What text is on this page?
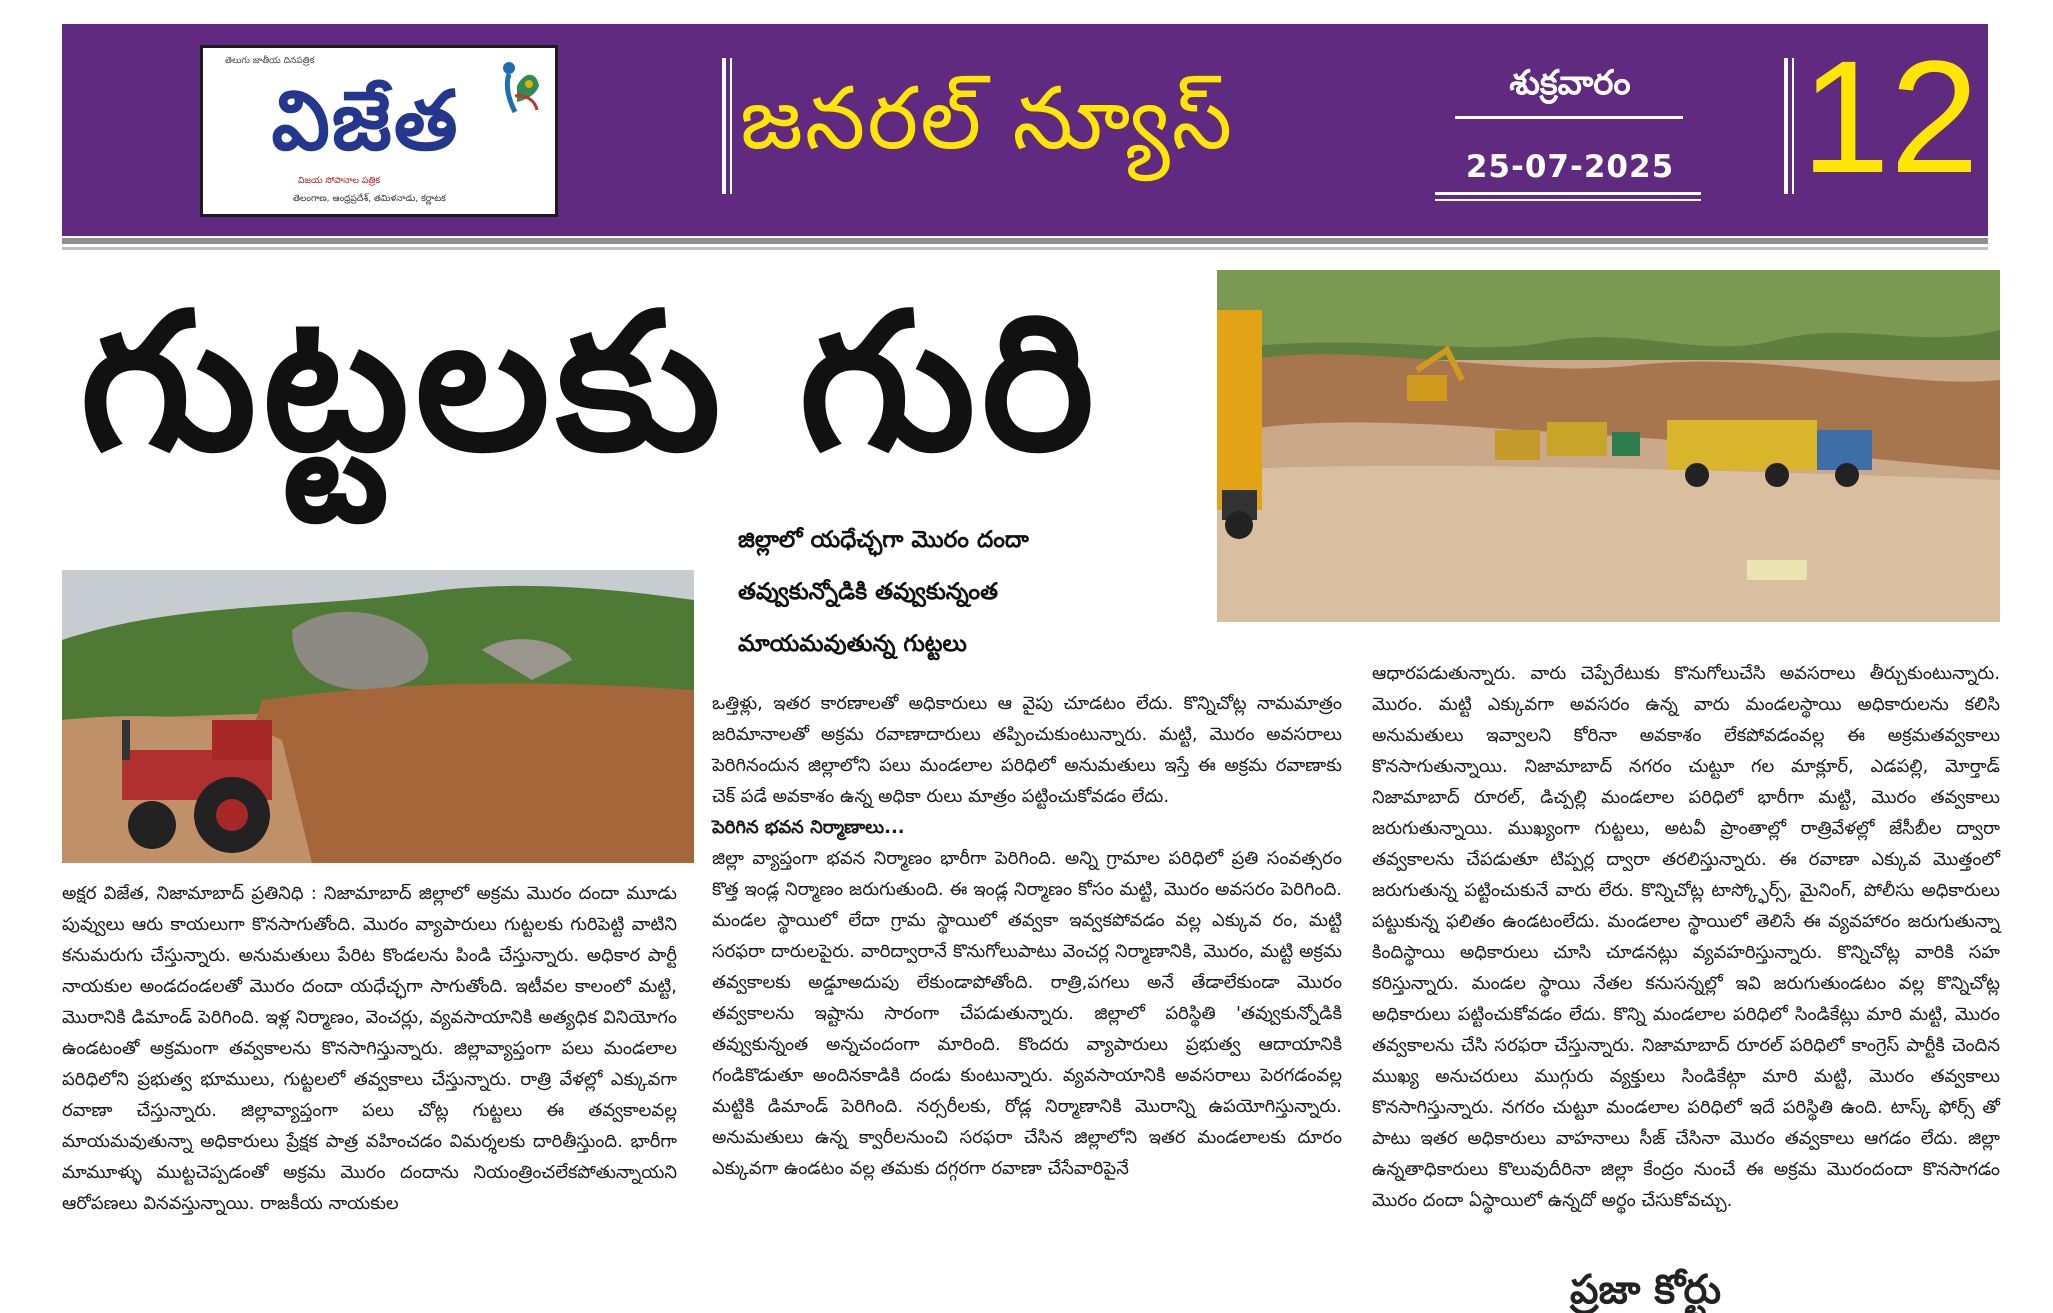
తెలుగు జాతీయ దినపత్రిక
విజేత
విజయ సోపానాల పత్రిక
తెలంగాణ, ఆంధ్రప్రదేశ్, తమిళనాడు, కర్ణాటక
జనరల్ న్యూస్	శుక్రవారం
25-07-2025 12
గుట్టలకు గురి
జిల్లాలో యధేచ్ఛగా మొరం దందా
తవ్వుకున్నోడికి తవ్వుకున్నంత
మాయమవుతున్న గుట్టలు

అక్షర విజేత, నిజామాబాద్ ప్రతినిధి : నిజామాబాద్ జిల్లాలో అక్రమ మొరం దందా మూడు పువ్వులు ఆరు కాయలుగా కొనసాగుతోంది. మొరం వ్యాపారులు గుట్టలకు గురిపెట్టి వాటిని కనుమరుగు చేస్తున్నారు. అనుమతులు పేరిట కొండలను పిండి చేస్తున్నారు. అధికార పార్టీ నాయకుల అండదండలతో మొరం దందా యధేచ్ఛగా సాగుతోంది. ఇటీవల కాలంలో మట్టి, మొరానికి డిమాండ్ పెరిగింది. ఇళ్ల నిర్మాణం, వెంచర్లు, వ్యవసాయానికి అత్యధిక వినియోగం ఉండటంతో అక్రమంగా తవ్వకాలను కొనసాగిస్తున్నారు. జిల్లావ్యాప్తంగా పలు మండలాల పరిధిలోని ప్రభుత్వ భూములు, గుట్టలలో తవ్వకాలు చేస్తున్నారు. రాత్రి వేళల్లో ఎక్కువగా రవాణా చేస్తున్నారు. జిల్లావ్యాప్తంగా పలు చోట్ల గుట్టలు ఈ తవ్వకాలవల్ల మాయమవుతున్నా అధికారులు ప్రేక్షక పాత్ర వహించడం విమర్శలకు దారితీస్తుంది. భారీగా మామూళ్ళు ముట్టచెప్పడంతో అక్రమ మొరం దందాను నియంత్రించలేకపోతున్నాయని ఆరోపణలు వినవస్తున్నాయి. రాజకీయ నాయకుల

ఒత్తిళ్లు, ఇతర కారణాలతో అధికారులు ఆ వైపు చూడటం లేదు. కొన్నిచోట్ల నామమాత్రం జరిమానాలతో అక్రమ రవాణాదారులు తప్పించుకుంటున్నారు. మట్టి, మొరం అవసరాలు పెరిగినందున జిల్లాలోని పలు మండలాల పరిధిలో అనుమతులు ఇస్తే ఈ అక్రమ రవాణాకు చెక్ పడే అవకాశం ఉన్న అధికా రులు మాత్రం పట్టించుకోవడం లేదు.

పెరిగిన భవన నిర్మాణాలు...

జిల్లా వ్యాప్తంగా భవన నిర్మాణం భారీగా పెరిగింది. అన్ని గ్రామాల పరిధిలో ప్రతి సంవత్సరం కొత్త ఇండ్ల నిర్మాణం జరుగుతుంది. ఈ ఇండ్ల నిర్మాణం కోసం మట్టి, మొరం అవసరం పెరిగింది. మండల స్థాయిలో లేదా గ్రామ స్థాయిలో తవ్వకా ఇవ్వకపోవడం వల్ల ఎక్కువ రం, మట్టి సరఫరా దారులపైరు. వారిద్వారానే కొనుగోలుపాటు వెంచర్ల నిర్మాణానికి, మొరం, మట్టి అక్రమ తవ్వకాలకు అడ్డూఅదుపు లేకుండాపోతోంది. రాత్రి,పగలు అనే తేడాలేకుండా మొరం తవ్వకాలను ఇష్టాను సారంగా చేపడుతున్నారు. జిల్లాలో పరిస్థితి 'తవ్వుకున్నోడికి తవ్వుకున్నంత అన్నచందంగా మారింది. కొందరు వ్యాపారులు ప్రభుత్వ ఆదాయానికి గండికొడుతూ అందినకాడికి దండు కుంటున్నారు. వ్యవసాయానికి అవసరాలు పెరగడంవల్ల మట్టికి డిమాండ్ పెరిగింది. నర్సరీలకు, రోడ్ల నిర్మాణానికి మొరాన్ని ఉపయోగిస్తున్నారు. అనుమతులు ఉన్న క్వారీలనుంచి సరఫరా చేసిన జిల్లాలోని ఇతర మండలాలకు దూరం ఎక్కువగా ఉండటం వల్ల తమకు దగ్గరగా రవాణా చేసేవారిపైనే

ఆధారపడుతున్నారు. వారు చెప్పేరేటుకు కొనుగోలుచేసి అవసరాలు తీర్చుకుంటున్నారు. మొరం. మట్టి ఎక్కువగా అవసరం ఉన్న వారు మండలస్థాయి అధికారులను కలిసి అనుమతులు ఇవ్వాలని కోరినా అవకాశం లేకపోవడంవల్ల ఈ అక్రమతవ్వకాలు కొనసాగుతున్నాయి. నిజామాబాద్ నగరం చుట్టూ గల మాక్లూర్, ఎడపల్లి, మోర్తాడ్ నిజామాబాద్ రూరల్, డిచ్పల్లి మండలాల పరిధిలో భారీగా మట్టి, మొరం తవ్వకాలు జరుగుతున్నాయి. ముఖ్యంగా గుట్టలు, అటవీ ప్రాంతాల్లో రాత్రివేళల్లో జేసీబీల ద్వారా తవ్వకాలను చేపడుతూ టిప్పర్ల ద్వారా తరలిస్తున్నారు. ఈ రవాణా ఎక్కువ మొత్తంలో జరుగుతున్న పట్టించుకునే వారు లేరు. కొన్నిచోట్ల టాస్క్ఫోర్స్, మైనింగ్, పోలీసు అధికారులు పట్టుకున్న ఫలితం ఉండటంలేదు. మండలాల స్థాయిలో తెలిసే ఈ వ్యవహారం జరుగుతున్నా కిందిస్థాయి అధికారులు చూసి చూడనట్లు వ్యవహరిస్తున్నారు. కొన్నిచోట్ల వారికి సహ కరిస్తున్నారు. మండల స్థాయి నేతల కనుసన్నల్లో ఇవి జరుగుతుండటం వల్ల కొన్నిచోట్ల అధికారులు పట్టించుకోవడం లేదు. కొన్ని మండలాల పరిధిలో సిండికేట్లు మారి మట్టి, మొరం తవ్వకాలను చేసి సరఫరా చేస్తున్నారు. నిజామాబాద్ రూరల్ పరిధిలో కాంగ్రెస్ పార్టీకి చెందిన ముఖ్య అనుచరులు ముగ్గురు వ్యక్తులు సిండికేట్గా మారి మట్టి, మొరం తవ్వకాలు కొనసాగిస్తున్నారు. నగరం చుట్టూ మండలాల పరిధిలో ఇదే పరిస్థితి ఉంది. టాస్క్ ఫోర్స్ తో పాటు ఇతర అధికారులు వాహనాలు సీజ్ చేసినా మొరం తవ్వకాలు ఆగడం లేదు. జిల్లా ఉన్నతాధికారులు కొలువుదీరినా జిల్లా కేంద్రం నుంచే ఈ అక్రమ మొరందందా కొనసాగడం మొరం దందా ఏస్థాయిలో ఉన్నదో అర్థం చేసుకోవచ్చు.

ప్రజా కోర్టు
